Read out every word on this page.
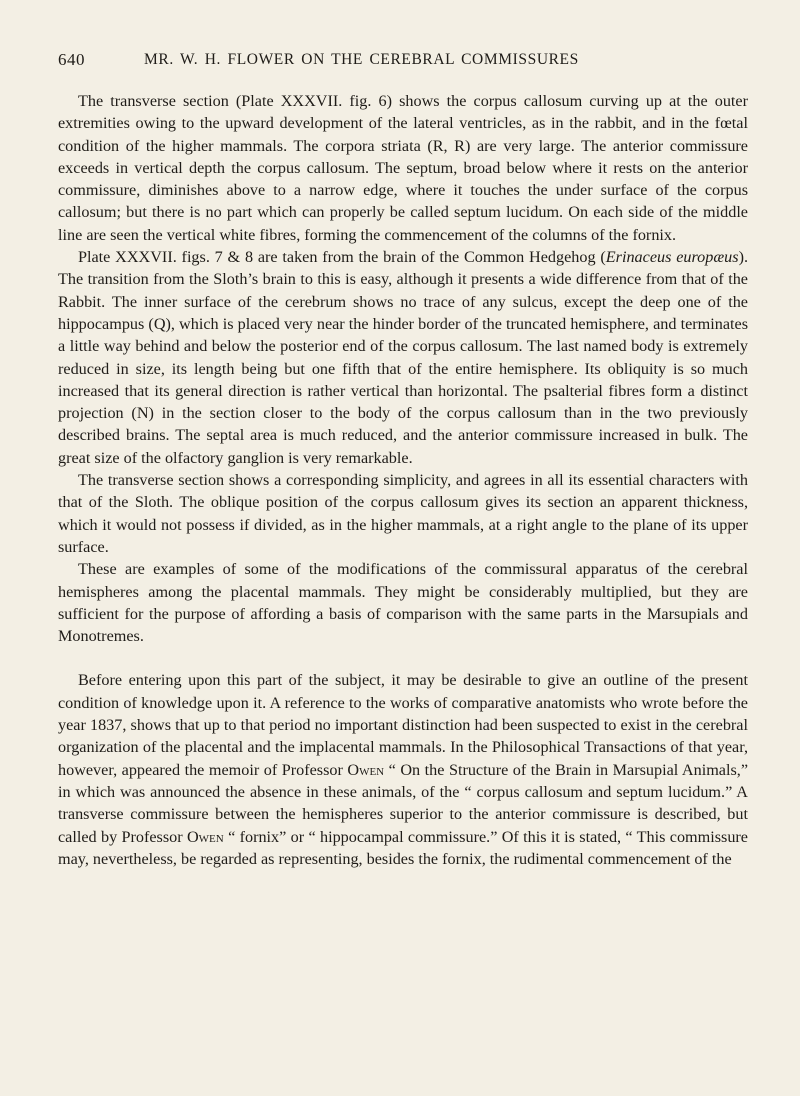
640	MR. W. H. FLOWER ON THE CEREBRAL COMMISSURES

The transverse section (Plate XXXVII. fig. 6) shows the corpus callosum curving up at the outer extremities owing to the upward development of the lateral ventricles, as in the rabbit, and in the fœtal condition of the higher mammals. The corpora striata (R, R) are very large. The anterior commissure exceeds in vertical depth the corpus callosum. The septum, broad below where it rests on the anterior commissure, diminishes above to a narrow edge, where it touches the under surface of the corpus callosum; but there is no part which can properly be called septum lucidum. On each side of the middle line are seen the vertical white fibres, forming the commencement of the columns of the fornix.

Plate XXXVII. figs. 7 & 8 are taken from the brain of the Common Hedgehog (Erinaceus europæus). The transition from the Sloth’s brain to this is easy, although it presents a wide difference from that of the Rabbit. The inner surface of the cerebrum shows no trace of any sulcus, except the deep one of the hippocampus (Q), which is placed very near the hinder border of the truncated hemisphere, and terminates a little way behind and below the posterior end of the corpus callosum. The last named body is extremely reduced in size, its length being but one fifth that of the entire hemisphere. Its obliquity is so much increased that its general direction is rather vertical than horizontal. The psalterial fibres form a distinct projection (N) in the section closer to the body of the corpus callosum than in the two previously described brains. The septal area is much reduced, and the anterior commissure increased in bulk. The great size of the olfactory ganglion is very remarkable.

The transverse section shows a corresponding simplicity, and agrees in all its essential characters with that of the Sloth. The oblique position of the corpus callosum gives its section an apparent thickness, which it would not possess if divided, as in the higher mammals, at a right angle to the plane of its upper surface.

These are examples of some of the modifications of the commissural apparatus of the cerebral hemispheres among the placental mammals. They might be considerably multiplied, but they are sufficient for the purpose of affording a basis of comparison with the same parts in the Marsupials and Monotremes.

Before entering upon this part of the subject, it may be desirable to give an outline of the present condition of knowledge upon it. A reference to the works of comparative anatomists who wrote before the year 1837, shows that up to that period no important distinction had been suspected to exist in the cerebral organization of the placental and the implacental mammals. In the Philosophical Transactions of that year, however, appeared the memoir of Professor Owen “ On the Structure of the Brain in Marsupial Animals,” in which was announced the absence in these animals, of the “ corpus callosum and septum lucidum.” A transverse commissure between the hemispheres superior to the anterior commissure is described, but called by Professor Owen “ fornix” or “ hippocampal commissure.” Of this it is stated, “ This commissure may, nevertheless, be regarded as representing, besides the fornix, the rudimental commencement of the
